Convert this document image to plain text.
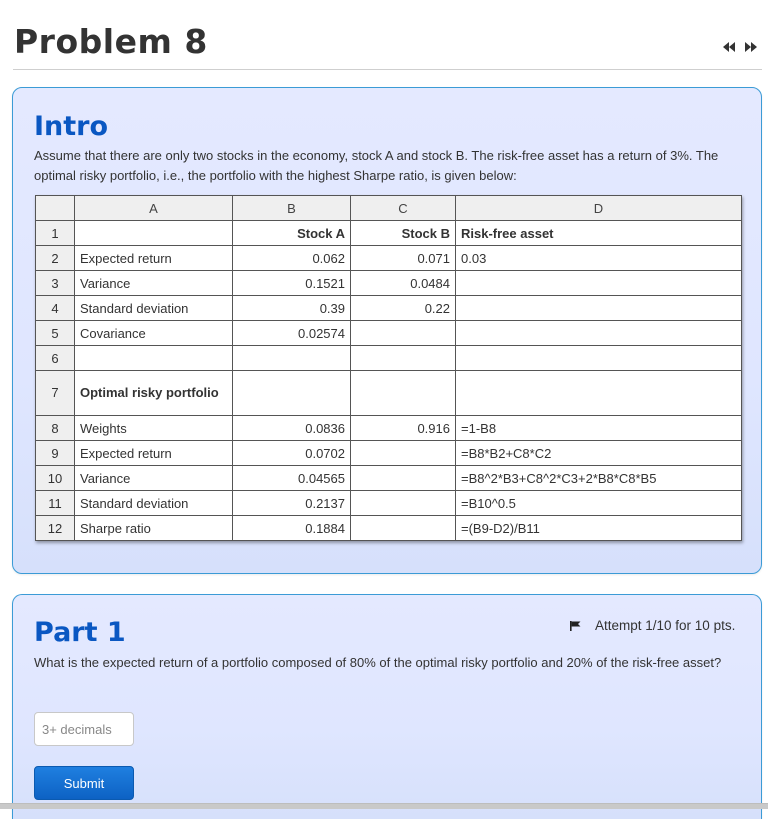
Problem 8
Intro

Assume that there are only two stocks in the economy, stock A and stock B. The risk-free asset has a return of 3%. The optimal risky portfolio, i.e., the portfolio with the highest Sharpe ratio, is given below:

	A	B	C	D
1		Stock A	Stock B	Risk-free asset
2	Expected return	0.062	0.071	0.03
3	Variance	0.1521	0.0484	
4	Standard deviation	0.39	0.22	
5	Covariance	0.02574		
6				
7	Optimal risky portfolio			
8	Weights	0.0836	0.916	=1-B8
9	Expected return	0.0702		=B8*B2+C8*C2
10	Variance	0.04565		=B8^2*B3+C8^2*C3+2*B8*C8*B5
11	Standard deviation	0.2137		=B10^0.5
12	Sharpe ratio	0.1884		=(B9-D2)/B11
Part 1	Attempt 1/10 for 10 pts.

What is the expected return of a portfolio composed of 80% of the optimal risky portfolio and 20% of the risk-free asset?

3+ decimals
Submit
